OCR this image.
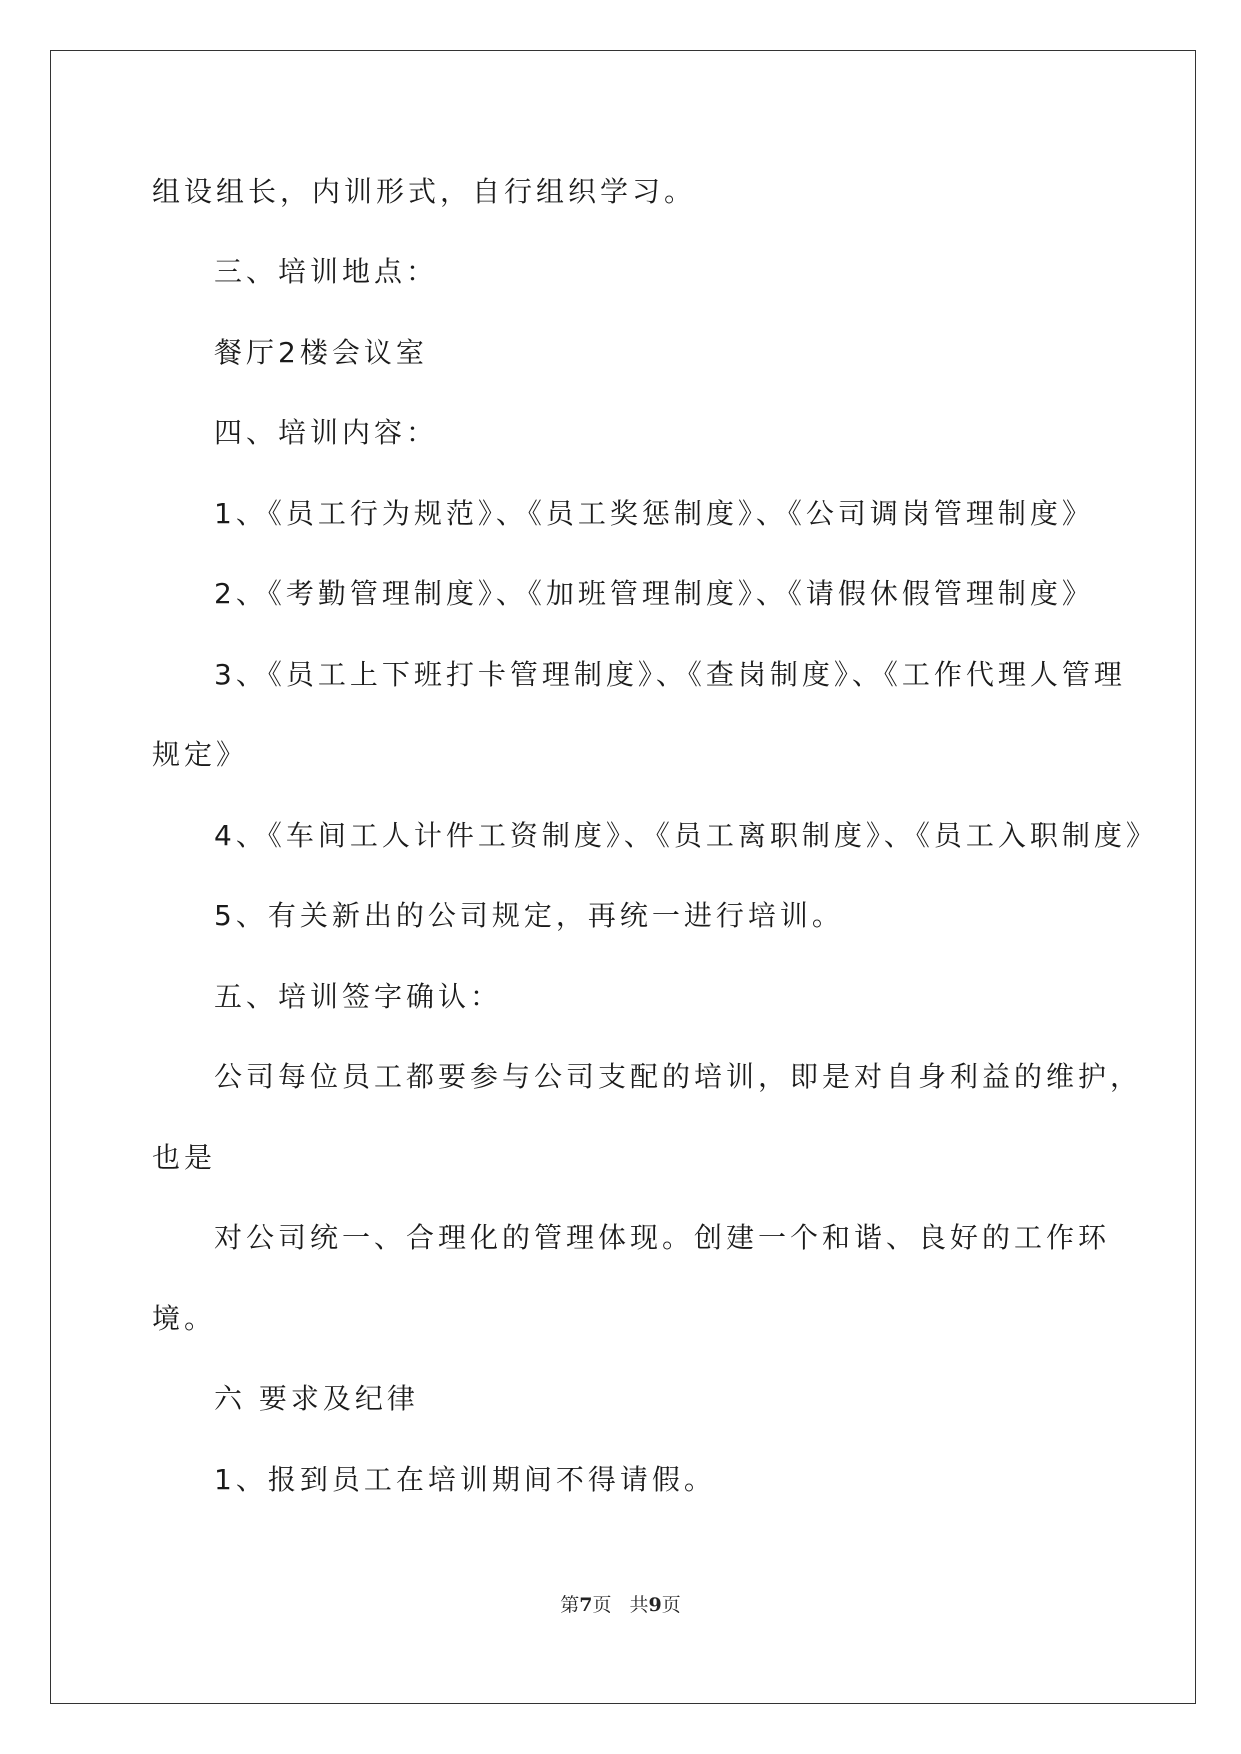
组设组长，内训形式，自行组织学习。
三、培训地点：
餐厅2楼会议室
四、培训内容：
1、《员工行为规范》、《员工奖惩制度》、《公司调岗管理制度》
2、《考勤管理制度》、《加班管理制度》、《请假休假管理制度》
3、《员工上下班打卡管理制度》、《查岗制度》、《工作代理人管理
规定》
4、《车间工人计件工资制度》、《员工离职制度》、《员工入职制度》
5、有关新出的公司规定，再统一进行培训。
五、培训签字确认：
公司每位员工都要参与公司支配的培训，即是对自身利益的维护，
也是
对公司统一、合理化的管理体现。创建一个和谐、良好的工作环
境。
六 要求及纪律
1、报到员工在培训期间不得请假。
第7页 共9页
